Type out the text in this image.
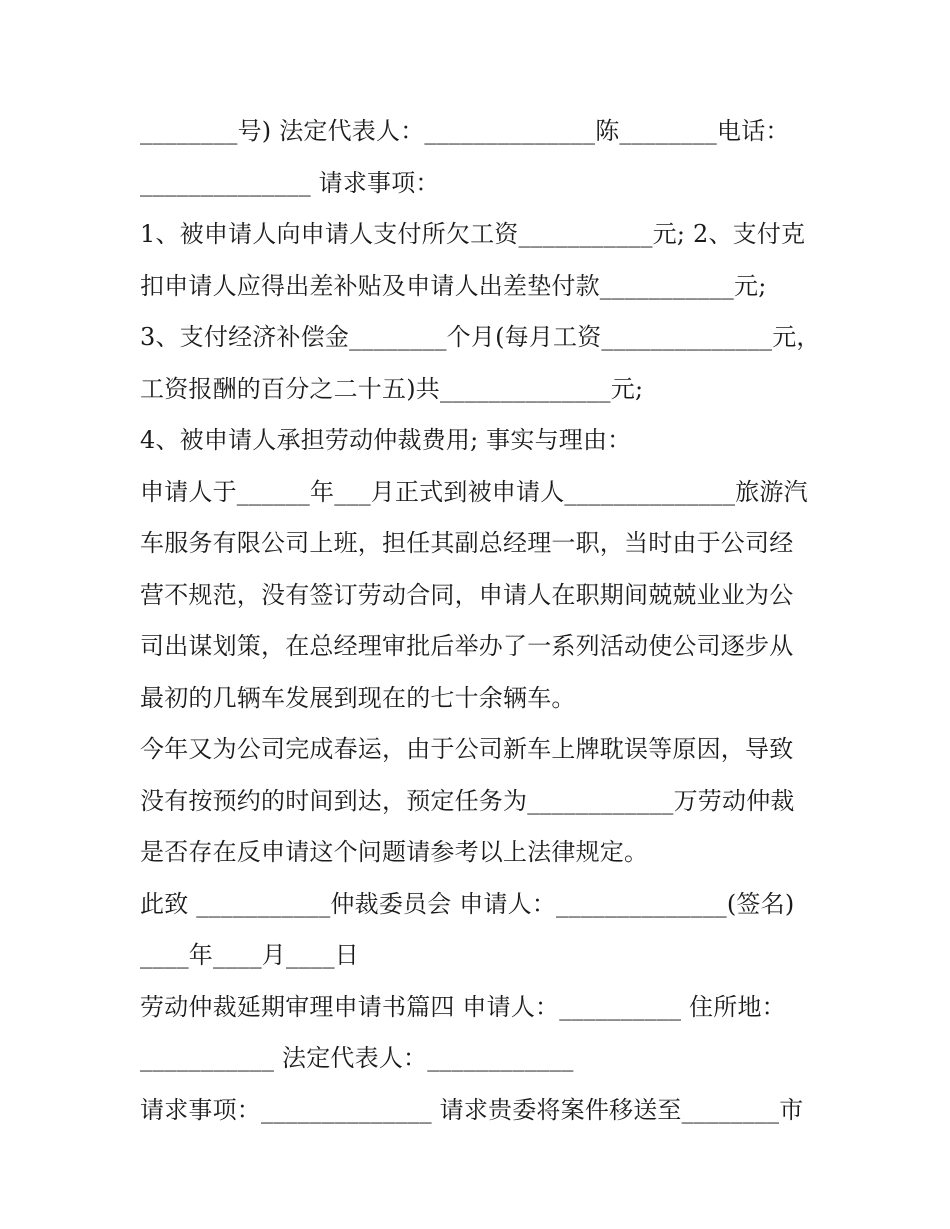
________号) 法定代表人：______________陈________电话：
______________ 请求事项：
1、被申请人向申请人支付所欠工资___________元; 2、支付克
扣申请人应得出差补贴及申请人出差垫付款___________元;
3、支付经济补偿金________个月(每月工资______________元，
工资报酬的百分之二十五)共______________元;
4、被申请人承担劳动仲裁费用; 事实与理由：
申请人于______年___月正式到被申请人______________旅游汽
车服务有限公司上班，担任其副总经理一职，当时由于公司经
营不规范，没有签订劳动合同，申请人在职期间兢兢业业为公
司出谋划策，在总经理审批后举办了一系列活动使公司逐步从
最初的几辆车发展到现在的七十余辆车。
今年又为公司完成春运，由于公司新车上牌耽误等原因，导致
没有按预约的时间到达，预定任务为____________万劳动仲裁
是否存在反申请这个问题请参考以上法律规定。
此致 ___________仲裁委员会 申请人：______________(签名)
____年____月____日
劳动仲裁延期审理申请书篇四 申请人：__________ 住所地：
___________ 法定代表人：____________
请求事项：______________ 请求贵委将案件移送至________市
